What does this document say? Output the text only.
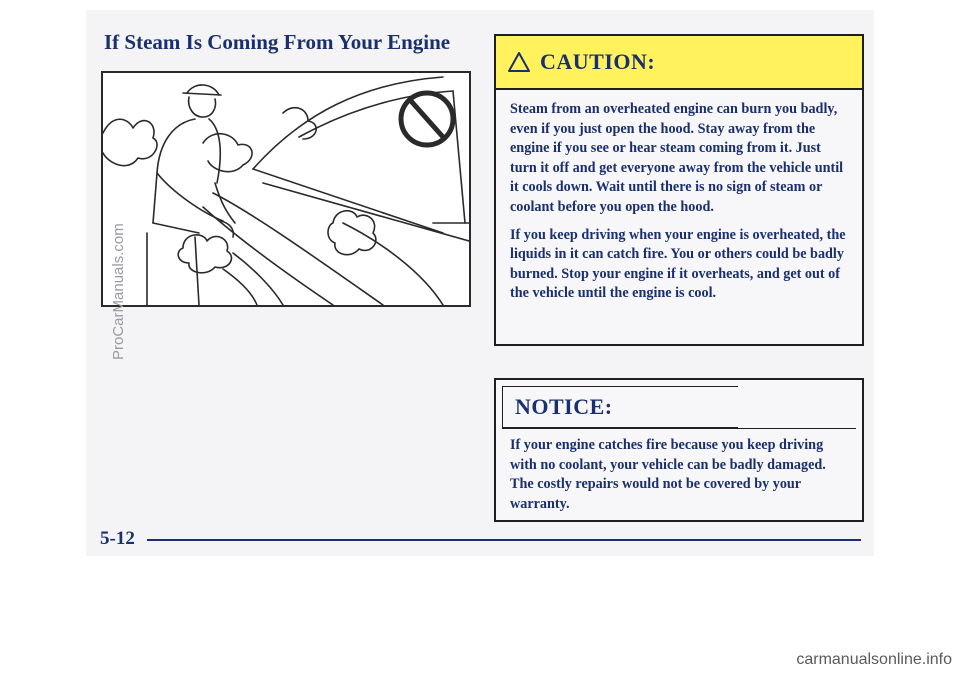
If Steam Is Coming From Your Engine
CAUTION:

Steam from an overheated engine can burn you badly, even if you just open the hood. Stay away from the engine if you see or hear steam coming from it. Just turn it off and get everyone away from the vehicle until it cools down. Wait until there is no sign of steam or coolant before you open the hood.

If you keep driving when your engine is overheated, the liquids in it can catch fire. You or others could be badly burned. Stop your engine if it overheats, and get out of the vehicle until the engine is cool.

NOTICE:

If your engine catches fire because you keep driving with no coolant, your vehicle can be badly damaged. The costly repairs would not be covered by your warranty.

5-12
ProCarManuals.com
carmanualsonline.info
